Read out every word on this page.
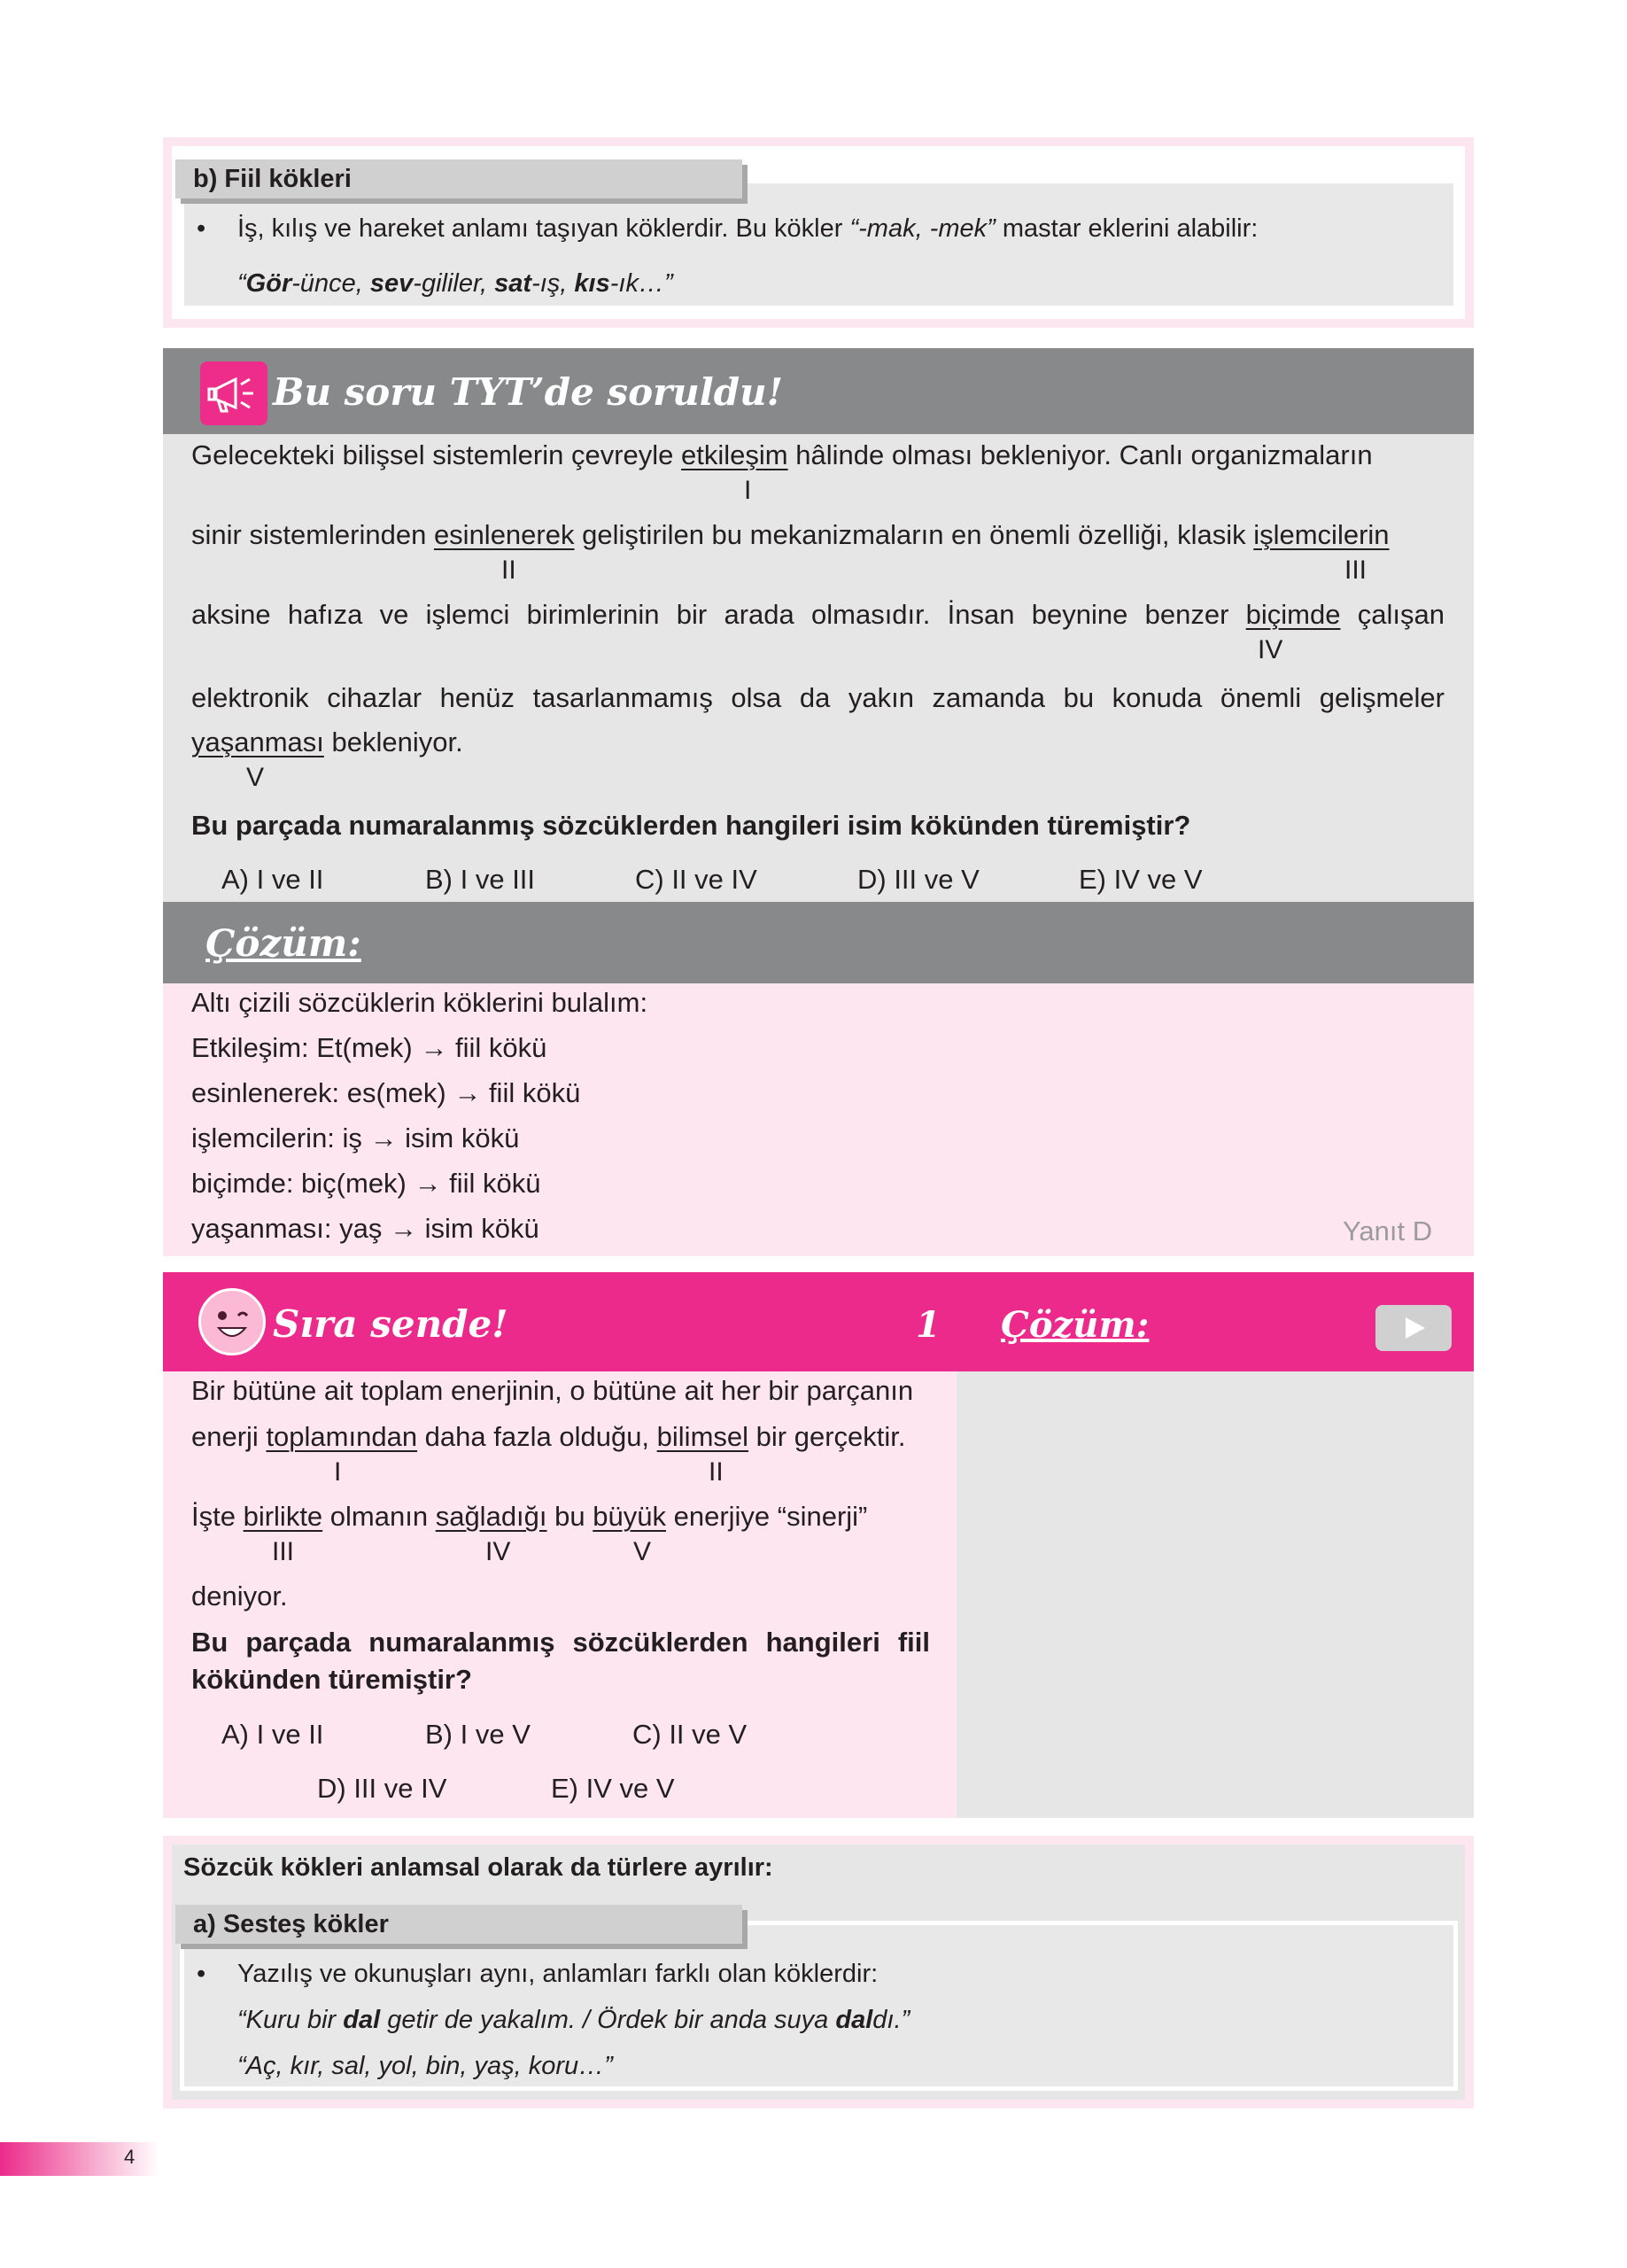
b) Fiil kökleri
• İş, kılış ve hareket anlamı taşıyan köklerdir. Bu kökler “-mak, -mek” mastar eklerini alabilir:
“Gör-ünce, sev-gililer, sat-ış, kıs-ık…”
Bu soru TYT’de soruldu!
Gelecekteki bilişsel sistemlerin çevreyle etkileşim hâlinde olması bekleniyor. Canlı organizmaların
I
sinir sistemlerinden esinlenerek geliştirilen bu mekanizmaların en önemli özelliği, klasik işlemcilerin
II	III
aksine hafıza ve işlemci birimlerinin bir arada olmasıdır. İnsan beynine benzer biçimde çalışan
IV
elektronik cihazlar henüz tasarlanmamış olsa da yakın zamanda bu konuda önemli gelişmeler
yaşanması bekleniyor.
V
Bu parçada numaralanmış sözcüklerden hangileri isim kökünden türemiştir?
A) I ve II	B) I ve III	C) II ve IV	D) III ve V	E) IV ve V
Çözüm:
Altı çizili sözcüklerin köklerini bulalım:
Etkileşim: Et(mek) → fiil kökü
esinlenerek: es(mek) → fiil kökü
işlemcilerin: iş → isim kökü
biçimde: biç(mek) → fiil kökü
yaşanması: yaş → isim kökü	Yanıt D
Sıra sende!	1 Çözüm:
Bir bütüne ait toplam enerjinin, o bütüne ait her bir parçanın
enerji toplamından daha fazla olduğu, bilimsel bir gerçektir.
I	II
İşte birlikte olmanın sağladığı bu büyük enerjiye “sinerji”
III	IV	V
deniyor.
Bu parçada numaralanmış sözcüklerden hangileri fiil
kökünden türemiştir?
A) I ve II	B) I ve V	C) II ve V
D) III ve IV	E) IV ve V
Sözcük kökleri anlamsal olarak da türlere ayrılır:
a) Sesteş kökler
• Yazılış ve okunuşları aynı, anlamları farklı olan köklerdir:
“Kuru bir dal getir de yakalım. / Ördek bir anda suya daldı.”
“Aç, kır, sal, yol, bin, yaş, koru…”
4
